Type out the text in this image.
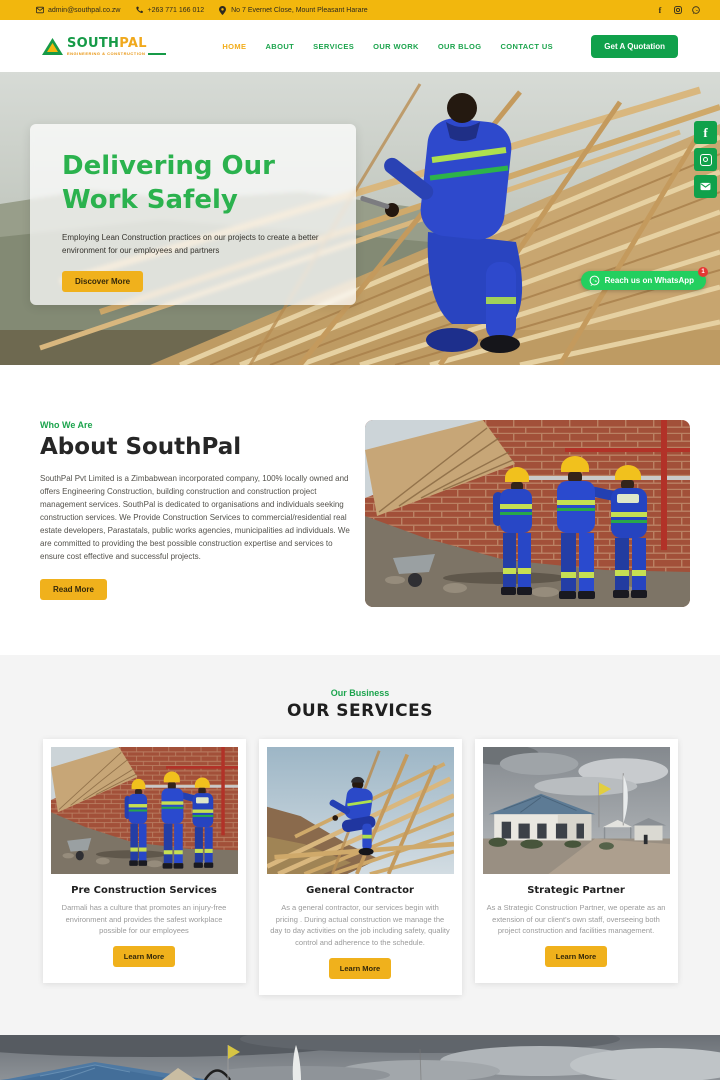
admin@southpal.co.zw	+263 771 166 012	No 7 Evernet Close, Mount Pleasant Harare	f
SOUTHPAL
ENGINEERING & CONSTRUCTION
HOME	ABOUT	SERVICES	OUR WORK	OUR BLOG	CONTACT US	Get A Quotation
Delivering Our
Work Safely
Employing Lean Construction practices on our projects to create a better environment for our employees and partners
Discover More
f
Reach us on WhatsApp
1
Who We Are
About SouthPal
SouthPal Pvt Limited is a Zimbabwean incorporated company, 100% locally owned and offers Engineering Construction, building construction and construction project management services. SouthPal is dedicated to organisations and individuals seeking construction services. We Provide Construction Services to commercial/residential real estate developers, Parastatals, public works agencies, municipalities ad individuals. We are committed to providing the best possible construction expertise and services to ensure cost effective and successful projects.
Read More
Our Business
OUR SERVICES
Pre Construction Services
Darmali has a culture that promotes an injury-free environment and provides the safest workplace possible for our employees
Learn More
General Contractor
As a general contractor, our services begin with pricing . During actual construction we manage the day to day activities on the job including safety, quality control and adherence to the schedule.
Learn More
Strategic Partner
As a Strategic Construction Partner, we operate as an extension of our client's own staff, overseeing both project construction and facilities management.
Learn More
